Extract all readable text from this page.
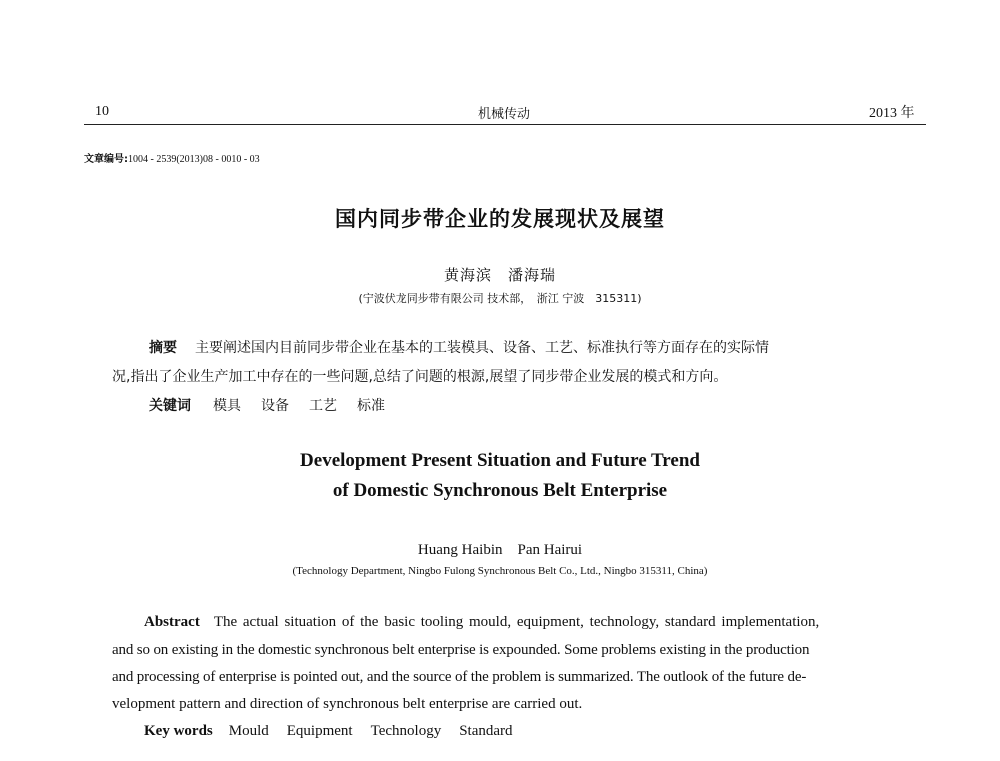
10	机械传动	2013 年
文章编号:1004 - 2539(2013)08 - 0010 - 03
国内同步带企业的发展现状及展望
黄海滨　潘海瑞
(宁波伏龙同步带有限公司 技术部，　浙江 宁波　315311)
摘要 主要阐述国内目前同步带企业在基本的工装模具、设备、工艺、标准执行等方面存在的实际情
况,指出了企业生产加工中存在的一些问题,总结了问题的根源,展望了同步带企业发展的模式和方向。
关键词 模具 设备 工艺 标准
Development Present Situation and Future Trend
of Domestic Synchronous Belt Enterprise
Huang Haibin　Pan Hairui
(Technology Department, Ningbo Fulong Synchronous Belt Co., Ltd., Ningbo 315311, China)
Abstract The actual situation of the basic tooling mould, equipment, technology, standard implementation,
and so on existing in the domestic synchronous belt enterprise is expounded. Some problems existing in the production
and processing of enterprise is pointed out, and the source of the problem is summarized. The outlook of the future de-
velopment pattern and direction of synchronous belt enterprise are carried out.
Key words Mould Equipment Technology Standard
